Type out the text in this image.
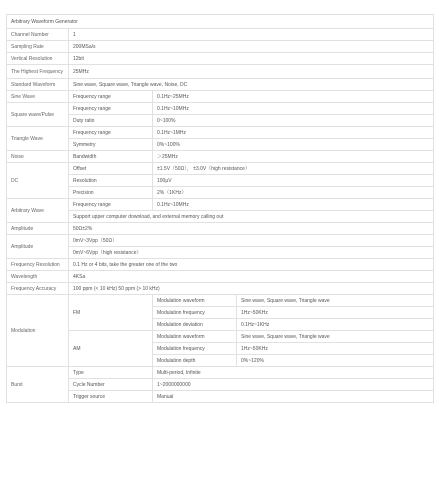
Arbitrary Waveform Generator			
Channel Number	1		
Sampling Rate	200MSa/s		
Vertical Resolution	12bit		
The Highest Frequency	25MHz		
Standard Waveform	Sine wave, Square wave, Triangle wave, Noise, DC		
Sine Wave	Frequency range	0.1Hz~25MHz	
Square wave/Pulse	Frequency range	0.1Hz~10MHz	
	Duty ratio	0~100%	
Triangle Wave	Frequency range	0.1Hz~1MHz	
	Symmetry	0%~100%	
Noise	Bandwidth	＞25MHz	
DC	Offset	±1.5V（50Ω）， ±3.0V（high resistance）	
	Resolution	100μV	
	Precision	2%（1KHz）	
Arbitrary Wave	Frequency range	0.1Hz~10MHz	
	Support upper computer download, and external memory calling out		
Amplitude	50Ω±2%		
Amplitude	0mV~3Vpp（50Ω）		
	0mV~6Vpp（high resistance）		
Frequency Resolution	0.1 Hz or 4 bits, take the greater one of the two		
Wavelength	4KSa		
Frequency Accuracy	100 ppm (< 10 kHz) 50 ppm (> 10 kHz)		
Modulation	FM	Modulation waveform	Sine wave, Square wave, Triangle wave
		Modulation frequency	1Hz~50KHz
		Modulation deviation	0.1Hz~1KHz
	AM	Modulation waveform	Sine wave, Square wave, Triangle wave
		Modulation frequency	1Hz~50KHz
		Modulation depth	0%~120%
Burst	Type	Multi-period, Infinite	
	Cycle Number	1~2000000000	
	Trigger source	Manual	
